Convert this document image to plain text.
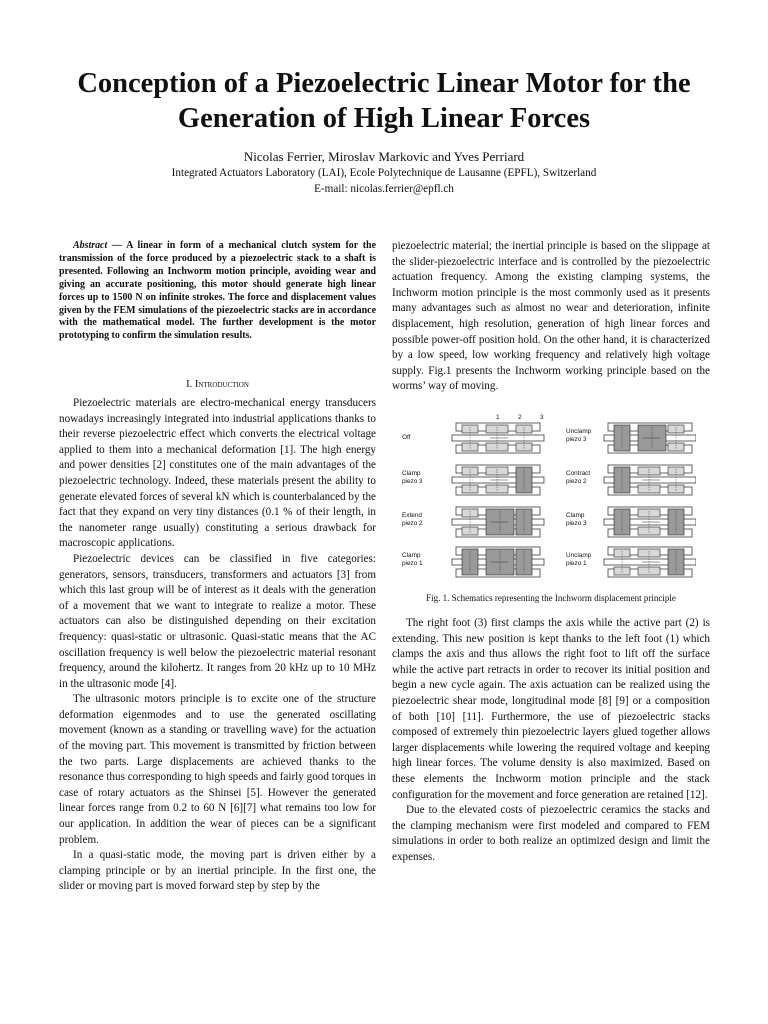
Conception of a Piezoelectric Linear Motor for the
Generation of High Linear Forces
Nicolas Ferrier, Miroslav Markovic and Yves Perriard
Integrated Actuators Laboratory (LAI), Ecole Polytechnique de Lausanne (EPFL), Switzerland
E-mail: nicolas.ferrier@epfl.ch

Abstract — A linear in form of a mechanical clutch system for the transmission of the force produced by a piezoelectric stack to a shaft is presented. Following an Inchworm motion principle, avoiding wear and giving an accurate positioning, this motor should generate high linear forces up to 1500 N on infinite strokes. The force and displacement values given by the FEM simulations of the piezoelectric stacks are in accordance with the mathematical model. The further development is the motor prototyping to confirm the simulation results.

I. Introduction

Piezoelectric materials are electro-mechanical energy transducers nowadays increasingly integrated into industrial applications thanks to their reverse piezoelectric effect which converts the electrical voltage applied to them into a mechanical deformation [1]. The high energy and power densities [2] constitutes one of the main advantages of the piezoelectric technology. Indeed, these materials present the ability to generate elevated forces of several kN which is counterbalanced by the fact that they expand on very tiny distances (0.1 % of their length, in the nanometer range usually) constituting a serious drawback for macroscopic applications.

Piezoelectric devices can be classified in five categories: generators, sensors, transducers, transformers and actuators [3] from which this last group will be of interest as it deals with the generation of a movement that we want to integrate to realize a motor. These actuators can also be distinguished depending on their excitation frequency: quasi-static or ultrasonic. Quasi-static means that the AC oscillation frequency is well below the piezoelectric material resonant frequency, around the kilohertz. It ranges from 20 kHz up to 10 MHz in the ultrasonic mode [4].

The ultrasonic motors principle is to excite one of the structure deformation eigenmodes and to use the generated oscillating movement (known as a standing or travelling wave) for the actuation of the moving part. This movement is transmitted by friction between the two parts. Large displacements are achieved thanks to the resonance thus corresponding to high speeds and fairly good torques in case of rotary actuators as the Shinsei [5]. However the generated linear forces range from 0.2 to 60 N [6][7] what remains too low for our application. In addition the wear of pieces can be a significant problem.

In a quasi-static mode, the moving part is driven either by a clamping principle or by an inertial principle. In the first one, the slider or moving part is moved forward step by step by the

piezoelectric material; the inertial principle is based on the slippage at the slider-piezoelectric interface and is controlled by the piezoelectric actuation frequency. Among the existing clamping systems, the Inchworm motion principle is the most commonly used as it presents many advantages such as almost no wear and deterioration, infinite displacement, high resolution, generation of high linear forces and possible power-off position hold. On the other hand, it is characterized by a low speed, low working frequency and relatively high voltage supply. Fig.1 presents the Inchworm working principle based on the worms’ way of moving.

1	2	3
Off
Clamp piezo 3
Extend piezo 2
Clamp piezo 1
Unclamp piezo 3
Contract piezo 2
Clamp piezo 3
Unclamp piezo 1
Fig. 1. Schematics representing the Inchworm displacement principle

The right foot (3) first clamps the axis while the active part (2) is extending. This new position is kept thanks to the left foot (1) which clamps the axis and thus allows the right foot to lift off the surface while the active part retracts in order to recover its initial position and begin a new cycle again. The axis actuation can be realized using the piezoelectric shear mode, longitudinal mode [8] [9] or a composition of both [10] [11]. Furthermore, the use of piezoelectric stacks composed of extremely thin piezoelectric layers glued together allows larger displacements while lowering the required voltage and keeping high linear forces. The volume density is also maximized. Based on these elements the Inchworm motion principle and the stack configuration for the movement and force generation are retained [12].

Due to the elevated costs of piezoelectric ceramics the stacks and the clamping mechanism were first modeled and compared to FEM simulations in order to both realize an optimized design and limit the expenses.
